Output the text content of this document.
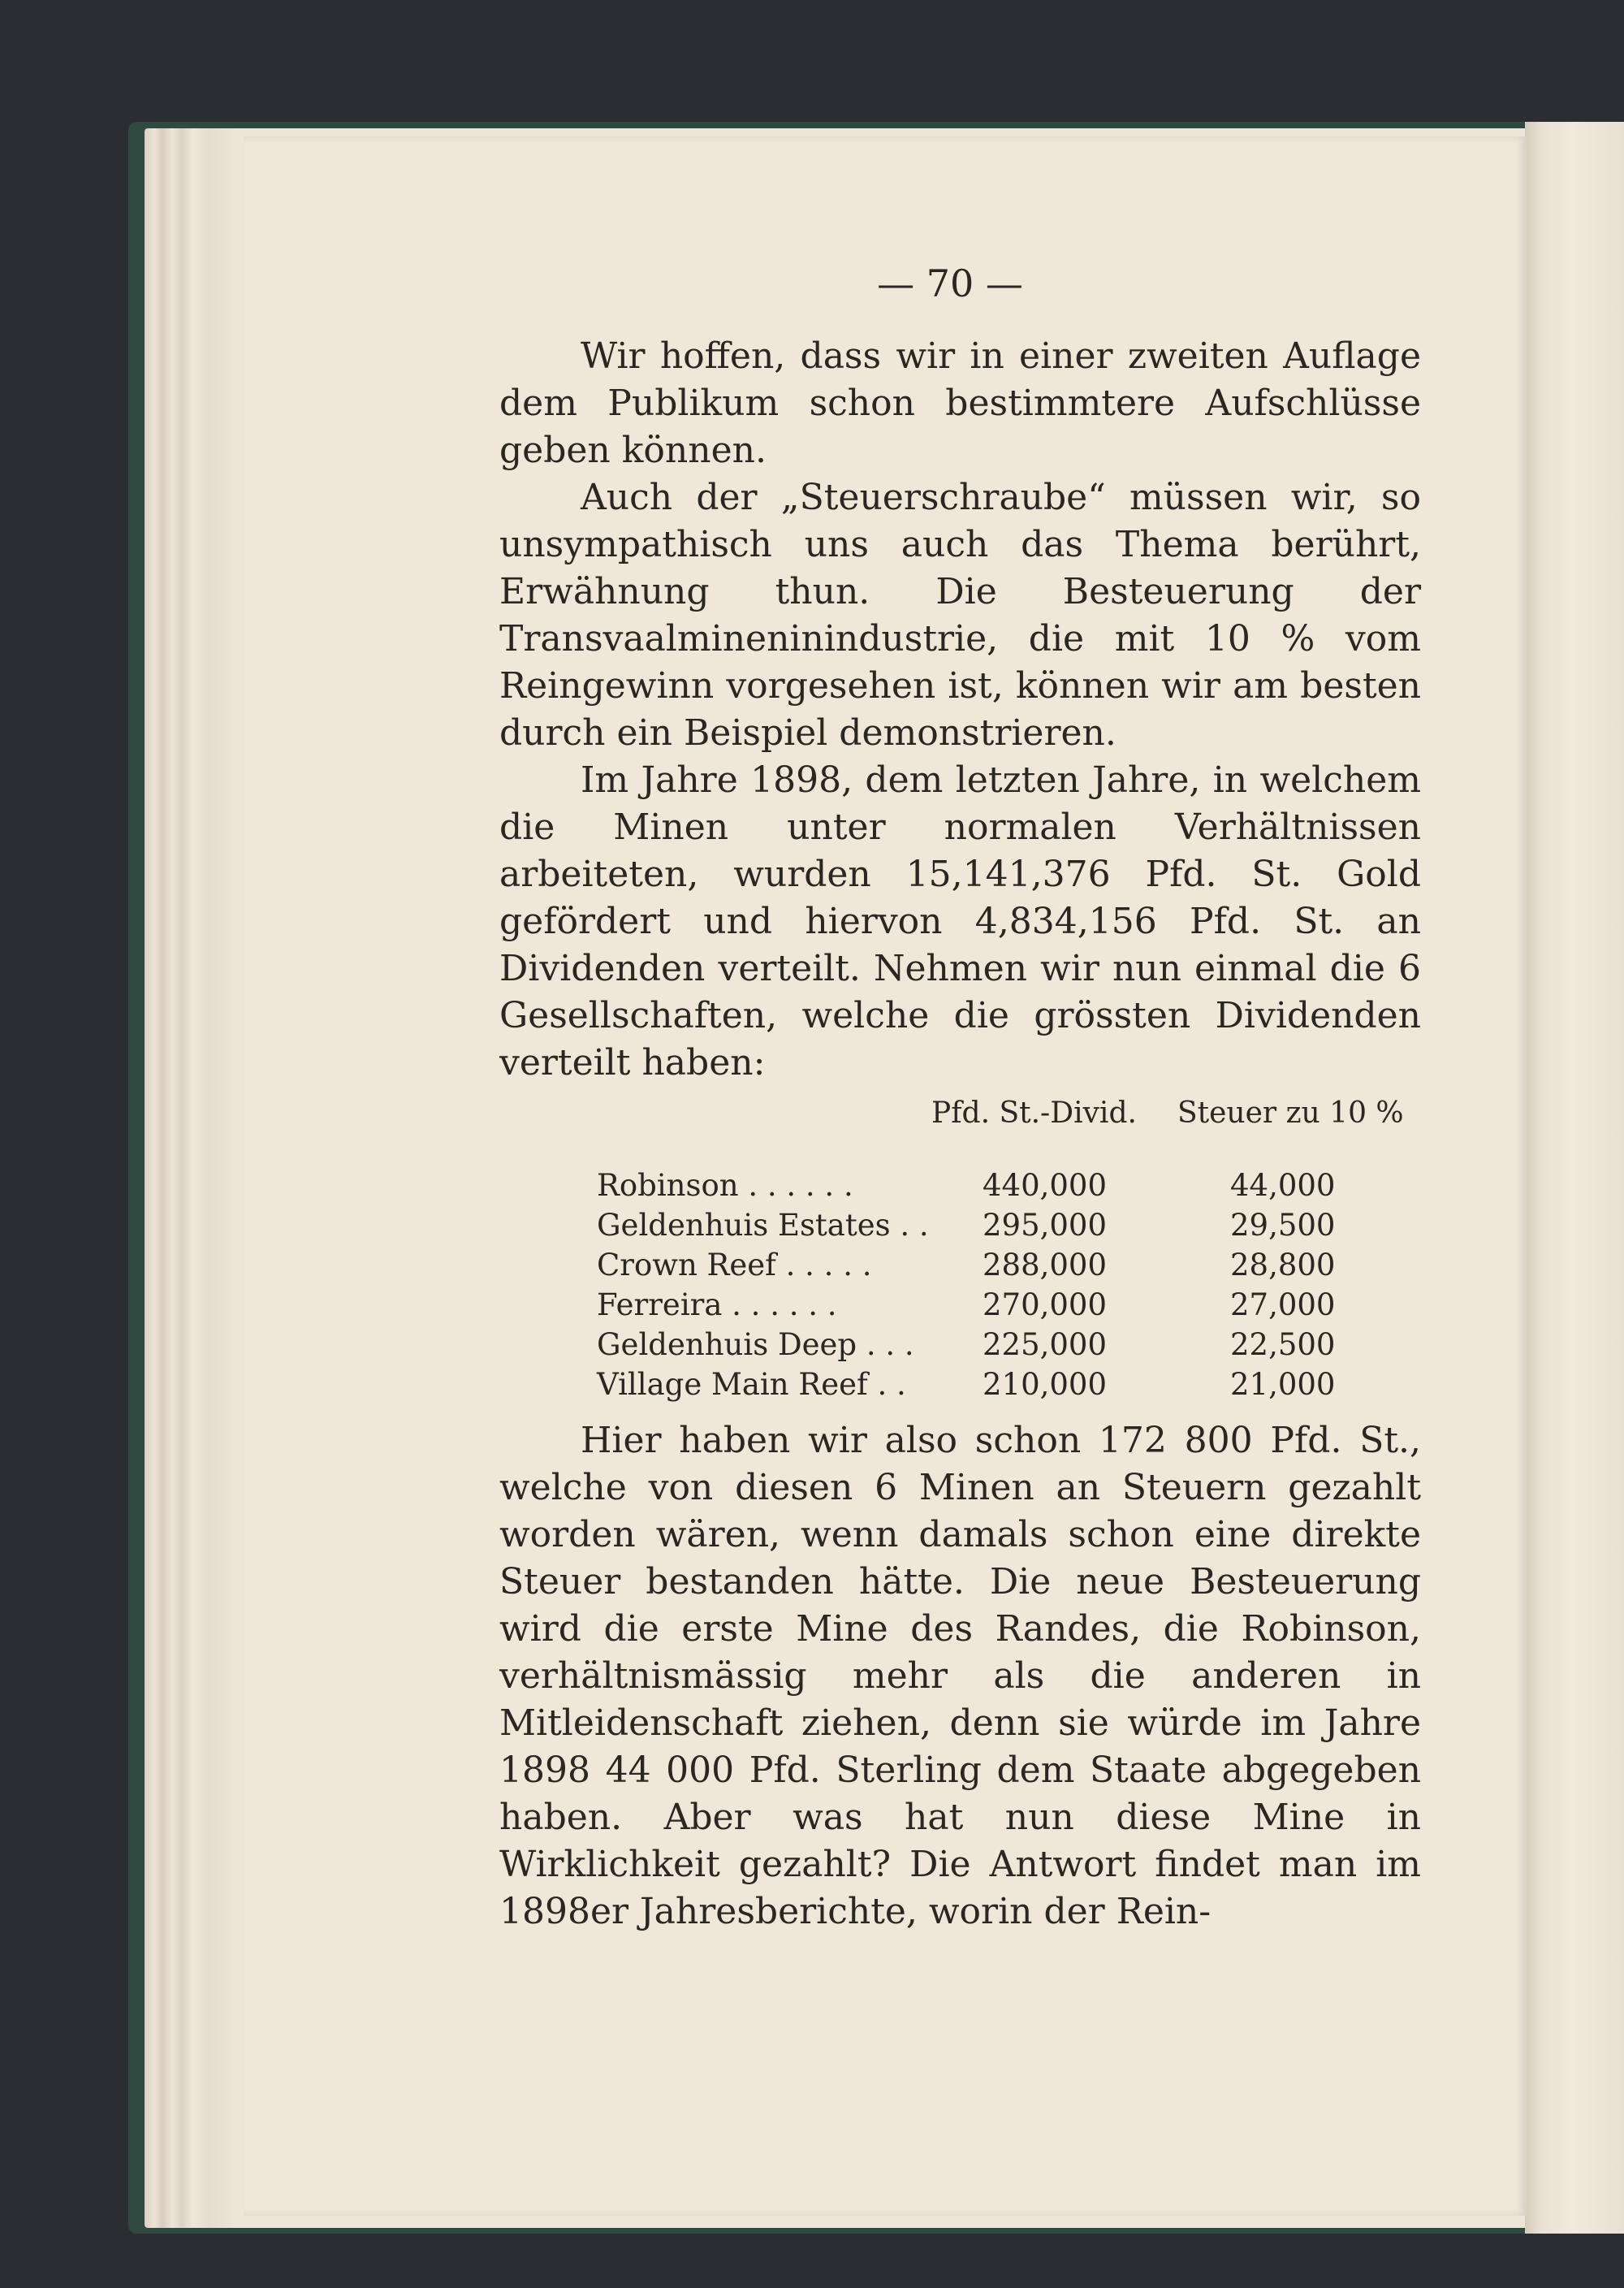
— 70 —

Wir hoffen, dass wir in einer zweiten Auflage dem Publikum schon bestimmtere Aufschlüsse geben können.

Auch der „Steuerschraube“ müssen wir, so unsympathisch uns auch das Thema berührt, Erwähnung thun. Die Besteuerung der Transvaalmineninindustrie, die mit 10 % vom Reingewinn vorgesehen ist, können wir am besten durch ein Beispiel demonstrieren.

Im Jahre 1898, dem letzten Jahre, in welchem die Minen unter normalen Verhältnissen arbeiteten, wurden 15,141,376 Pfd. St. Gold gefördert und hiervon 4,834,156 Pfd. St. an Dividenden verteilt. Nehmen wir nun einmal die 6 Gesellschaften, welche die grössten Dividenden verteilt haben:

Pfd. St.-Divid. Steuer zu 10 %
Robinson . . . . . .	440,000	44,000
Geldenhuis Estates . . 295,000	29,500
Crown Reef . . . . .	288,000	28,800
Ferreira . . . . . .	270,000	27,000
Geldenhuis Deep . . . 225,000	22,500
Village Main Reef . .	210,000	21,000

Hier haben wir also schon 172 800 Pfd. St., welche von diesen 6 Minen an Steuern gezahlt worden wären, wenn damals schon eine direkte Steuer bestanden hätte. Die neue Besteuerung wird die erste Mine des Randes, die Robinson, verhältnismässig mehr als die anderen in Mitleidenschaft ziehen, denn sie würde im Jahre 1898 44 000 Pfd. Sterling dem Staate abgegeben haben. Aber was hat nun diese Mine in Wirklichkeit gezahlt? Die Antwort findet man im 1898er Jahresberichte, worin der Rein-
